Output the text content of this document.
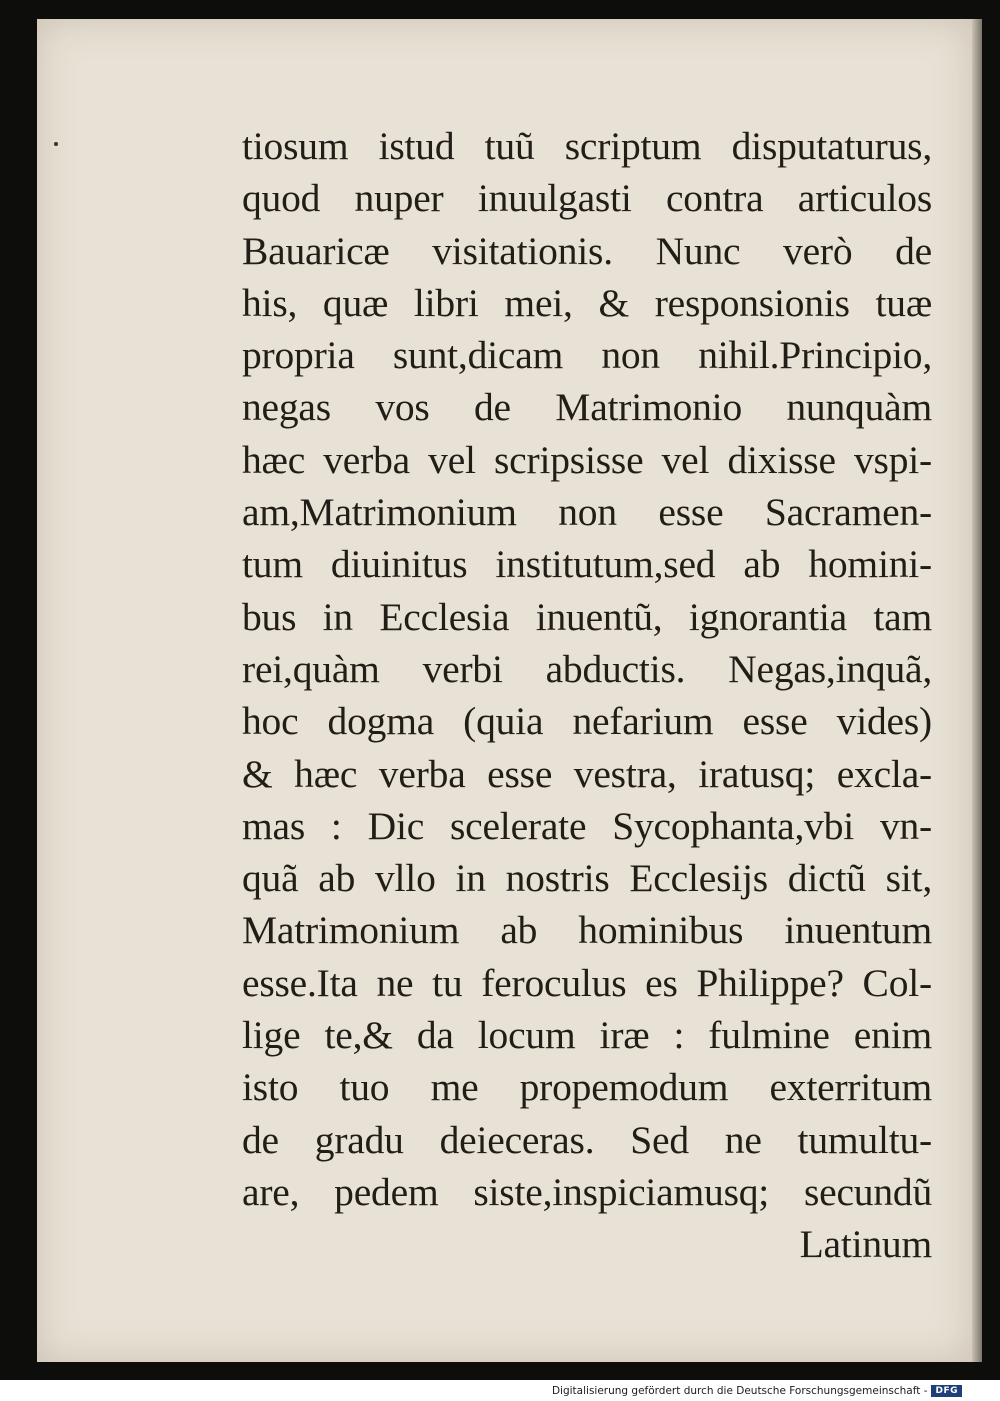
tiosum istud tuũ scriptum disputaturus,
quod nuper inuulgasti contra articulos
Bauaricæ visitationis. Nunc verò de
his, quæ libri mei, & responsionis tuæ
propria sunt,dicam non nihil.Principio,
negas vos de Matrimonio nunquàm
hæc verba vel scripsisse vel dixisse vspi-
am,Matrimonium non esse Sacramen-
tum diuinitus institutum,sed ab homini-
bus in Ecclesia inuentũ, ignorantia tam
rei,quàm verbi abductis. Negas,inquã,
hoc dogma (quia nefarium esse vides)
& hæc verba esse vestra, iratusq; excla-
mas : Dic scelerate Sycophanta,vbi vn-
quã ab vllo in nostris Ecclesijs dictũ sit,
Matrimonium ab hominibus inuentum
esse.Ita ne tu feroculus es Philippe? Col-
lige te,& da locum iræ : fulmine enim
isto tuo me propemodum exterritum
de gradu deieceras. Sed ne tumultu-
are, pedem siste,inspiciamusq; secundũ
Latinum
Digitalisierung gefördert durch die Deutsche Forschungsgemeinschaft - DFG
